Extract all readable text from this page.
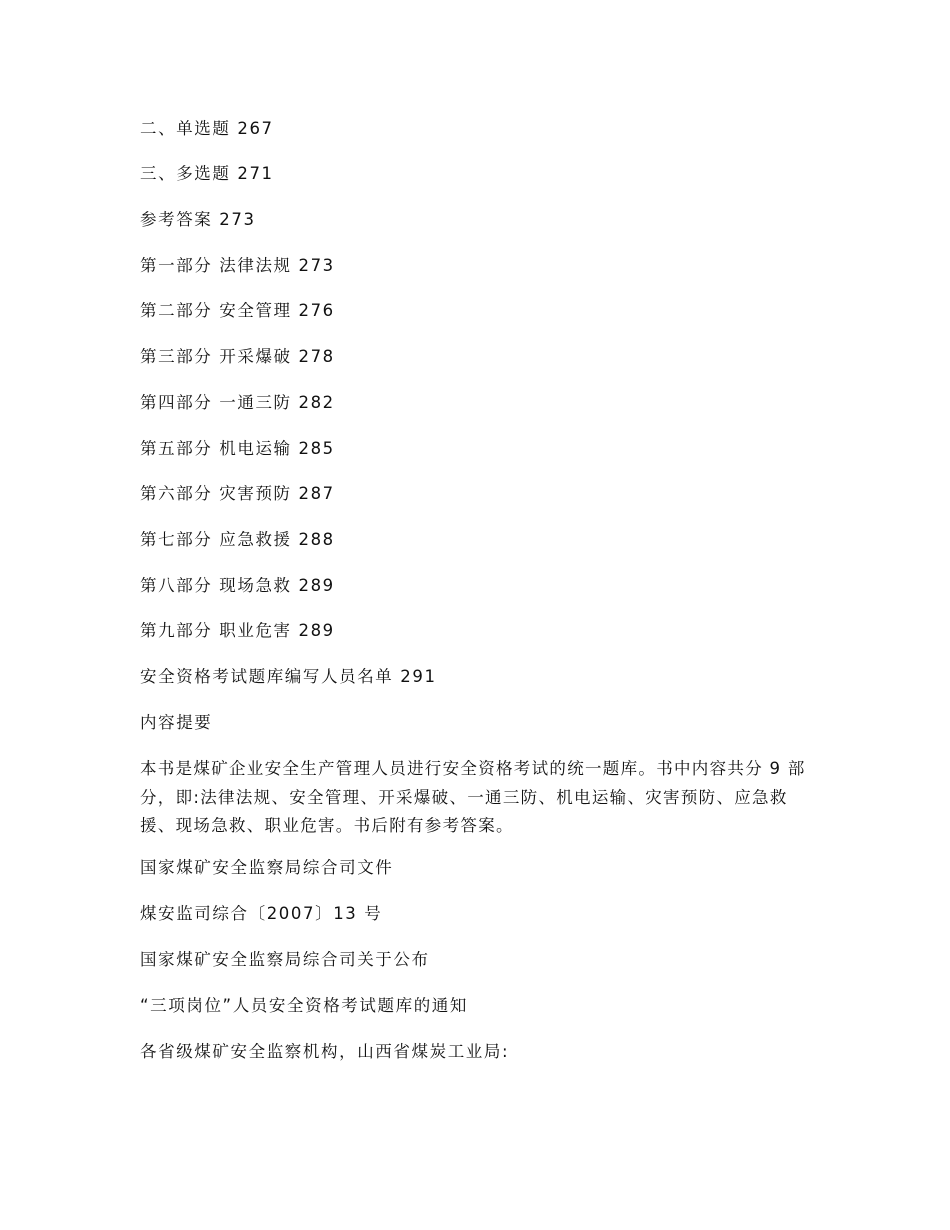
二、单选题 267
三、多选题 271
参考答案 273
第一部分 法律法规 273
第二部分 安全管理 276
第三部分 开采爆破 278
第四部分 一通三防 282
第五部分 机电运输 285
第六部分 灾害预防 287
第七部分 应急救援 288
第八部分 现场急救 289
第九部分 职业危害 289
安全资格考试题库编写人员名单 291
内容提要
本书是煤矿企业安全生产管理人员进行安全资格考试的统一题库。书中内容共分 9 部分，即:法律法规、安全管理、开采爆破、一通三防、机电运输、灾害预防、应急救援、现场急救、职业危害。书后附有参考答案。
国家煤矿安全监察局综合司文件
煤安监司综合〔2007〕13 号
国家煤矿安全监察局综合司关于公布
“三项岗位”人员安全资格考试题库的通知
各省级煤矿安全监察机构，山西省煤炭工业局:
